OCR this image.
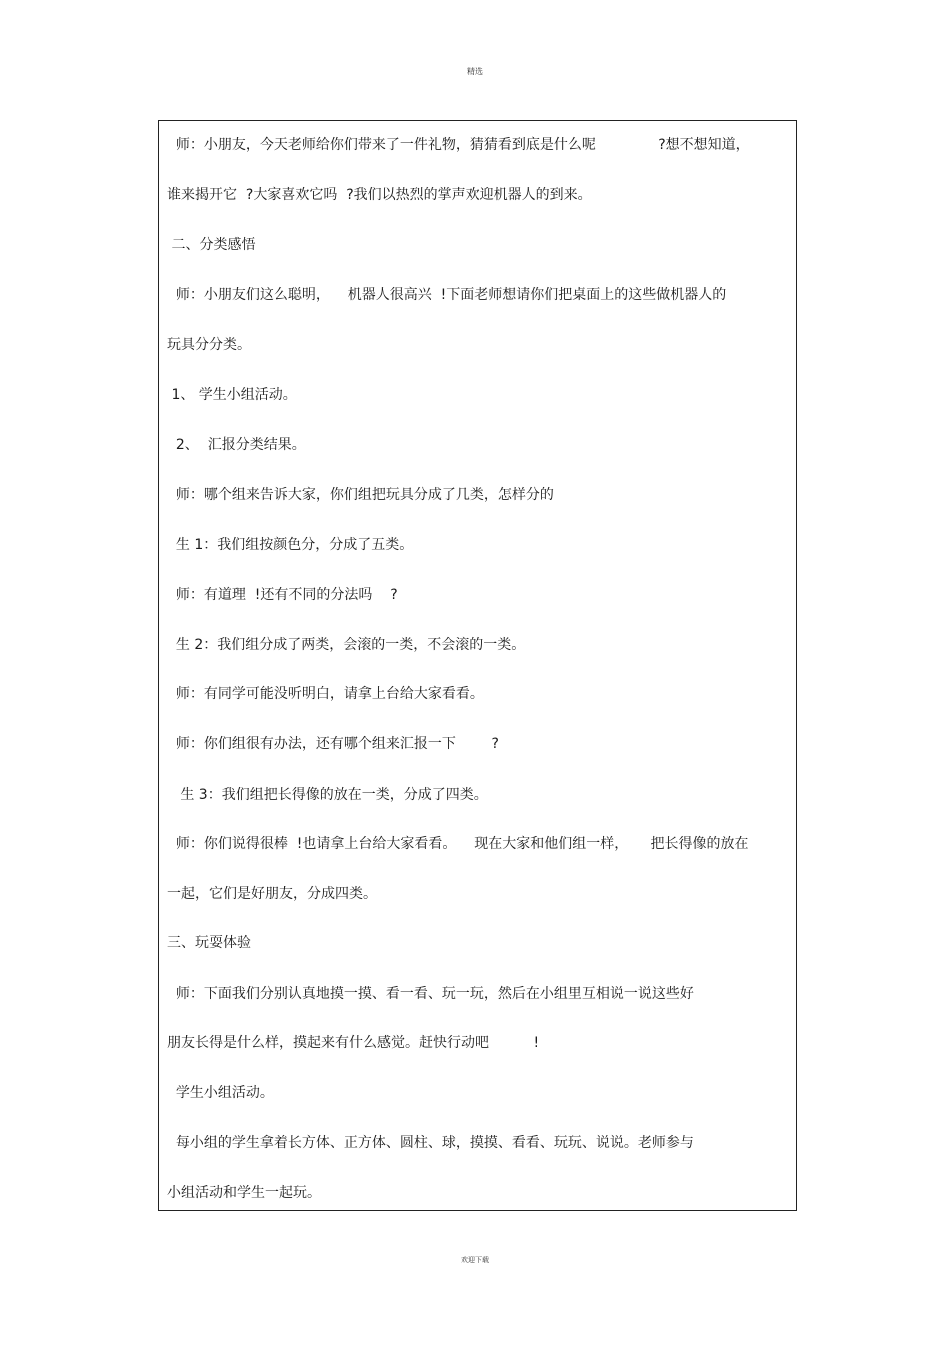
精选
师：小朋友，今天老师给你们带来了一件礼物，猜猜看到底是什么呢              ?想不想知道，
谁来揭开它  ?大家喜欢它吗  ?我们以热烈的掌声欢迎机器人的到来。
二、分类感悟
师：小朋友们这么聪明，    机器人很高兴  !下面老师想请你们把桌面上的这些做机器人的
玩具分分类。
1、 学生小组活动。
2、  汇报分类结果。
师：哪个组来告诉大家，你们组把玩具分成了几类，怎样分的
生 1：我们组按颜色分，分成了五类。
师：有道理  !还有不同的分法吗    ?
生 2：我们组分成了两类，会滚的一类，不会滚的一类。
师：有同学可能没听明白，请拿上台给大家看看。
师：你们组很有办法，还有哪个组来汇报一下        ?
生 3：我们组把长得像的放在一类，分成了四类。
师：你们说得很棒  !也请拿上台给大家看看。    现在大家和他们组一样，     把长得像的放在
一起，它们是好朋友，分成四类。
三、玩耍体验
师：下面我们分别认真地摸一摸、看一看、玩一玩，然后在小组里互相说一说这些好
朋友长得是什么样，摸起来有什么感觉。赶快行动吧          !
学生小组活动。
每小组的学生拿着长方体、正方体、圆柱、球，摸摸、看看、玩玩、说说。老师参与
小组活动和学生一起玩。
欢迎下载
